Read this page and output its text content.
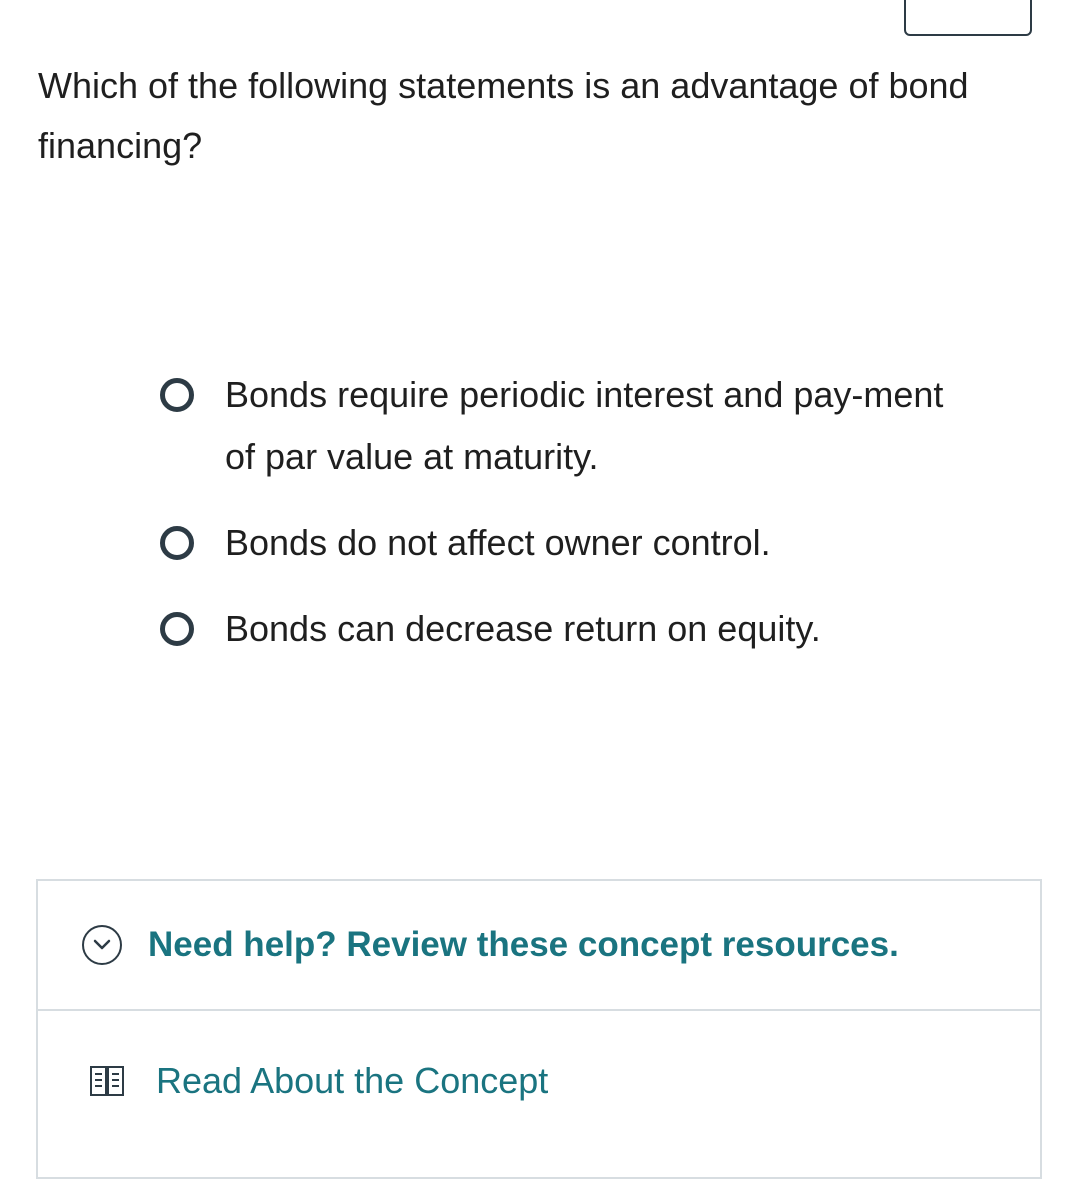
Which of the following statements is an advantage of bond financing?

Bonds require periodic interest and pay-ment of par value at maturity.
Bonds do not affect owner control.
Bonds can decrease return on equity.
Need help? Review these concept resources.
Read About the Concept
